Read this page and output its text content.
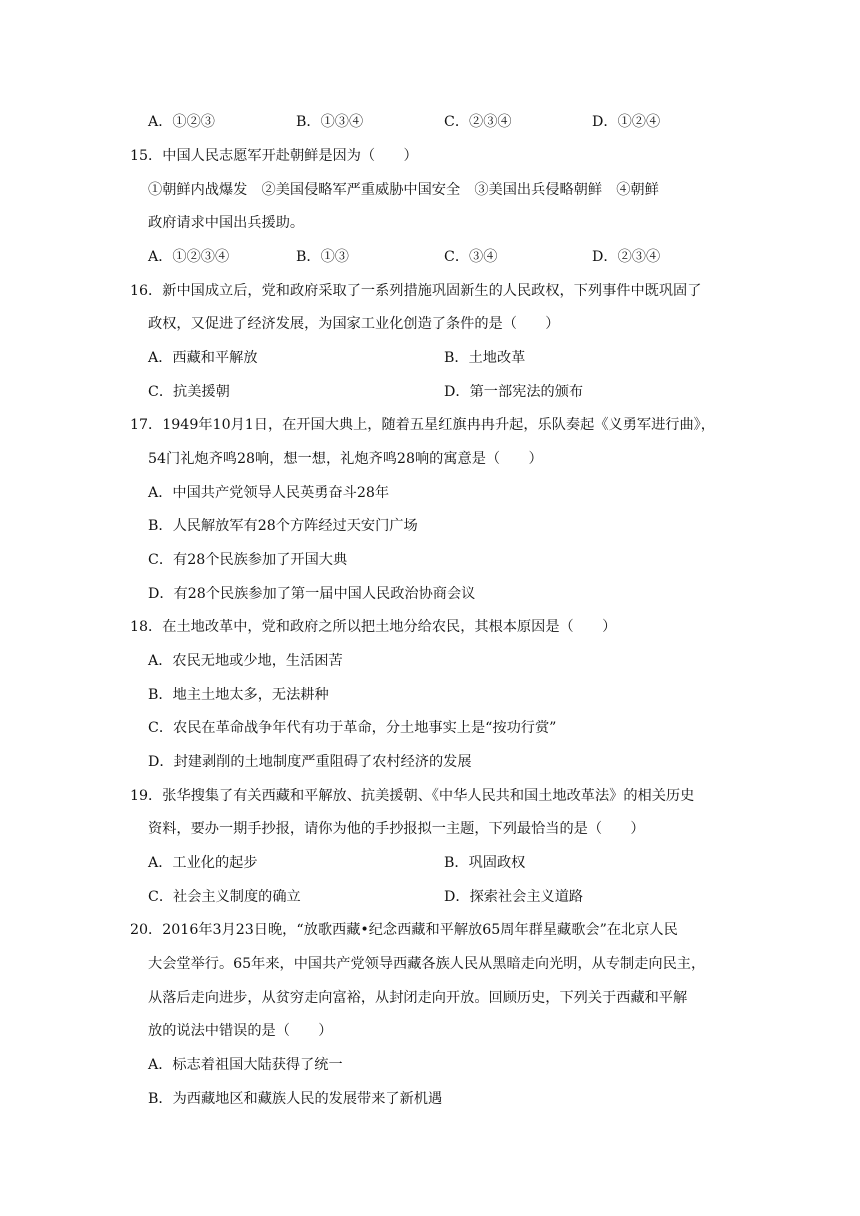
A．①②③	B．①③④	C．②③④	D．①②④
15．中国人民志愿军开赴朝鲜是因为（　　）
①朝鲜内战爆发　②美国侵略军严重威胁中国安全　③美国出兵侵略朝鲜　④朝鲜
政府请求中国出兵援助。
A．①②③④	B．①③	C．③④	D．②③④
16．新中国成立后，党和政府采取了一系列措施巩固新生的人民政权，下列事件中既巩固了
政权，又促进了经济发展，为国家工业化创造了条件的是（　　）
A．西藏和平解放	B．土地改革
C．抗美援朝	D．第一部宪法的颁布
17．1949年10月1日，在开国大典上，随着五星红旗冉冉升起，乐队奏起《义勇军进行曲》，
54门礼炮齐鸣28响，想一想，礼炮齐鸣28响的寓意是（　　）
A．中国共产党领导人民英勇奋斗28年
B．人民解放军有28个方阵经过天安门广场
C．有28个民族参加了开国大典
D．有28个民族参加了第一届中国人民政治协商会议
18．在土地改革中，党和政府之所以把土地分给农民，其根本原因是（　　）
A．农民无地或少地，生活困苦
B．地主土地太多，无法耕种
C．农民在革命战争年代有功于革命，分土地事实上是“按功行赏”
D．封建剥削的土地制度严重阻碍了农村经济的发展
19．张华搜集了有关西藏和平解放、抗美援朝、《中华人民共和国土地改革法》的相关历史
资料，要办一期手抄报，请你为他的手抄报拟一主题，下列最恰当的是（　　）
A．工业化的起步	B．巩固政权
C．社会主义制度的确立	D．探索社会主义道路
20．2016年3月23日晚，“放歌西藏•纪念西藏和平解放65周年群星藏歌会”在北京人民
大会堂举行。65年来，中国共产党领导西藏各族人民从黑暗走向光明，从专制走向民主，
从落后走向进步，从贫穷走向富裕，从封闭走向开放。回顾历史，下列关于西藏和平解
放的说法中错误的是（　　）
A．标志着祖国大陆获得了统一
B．为西藏地区和藏族人民的发展带来了新机遇
